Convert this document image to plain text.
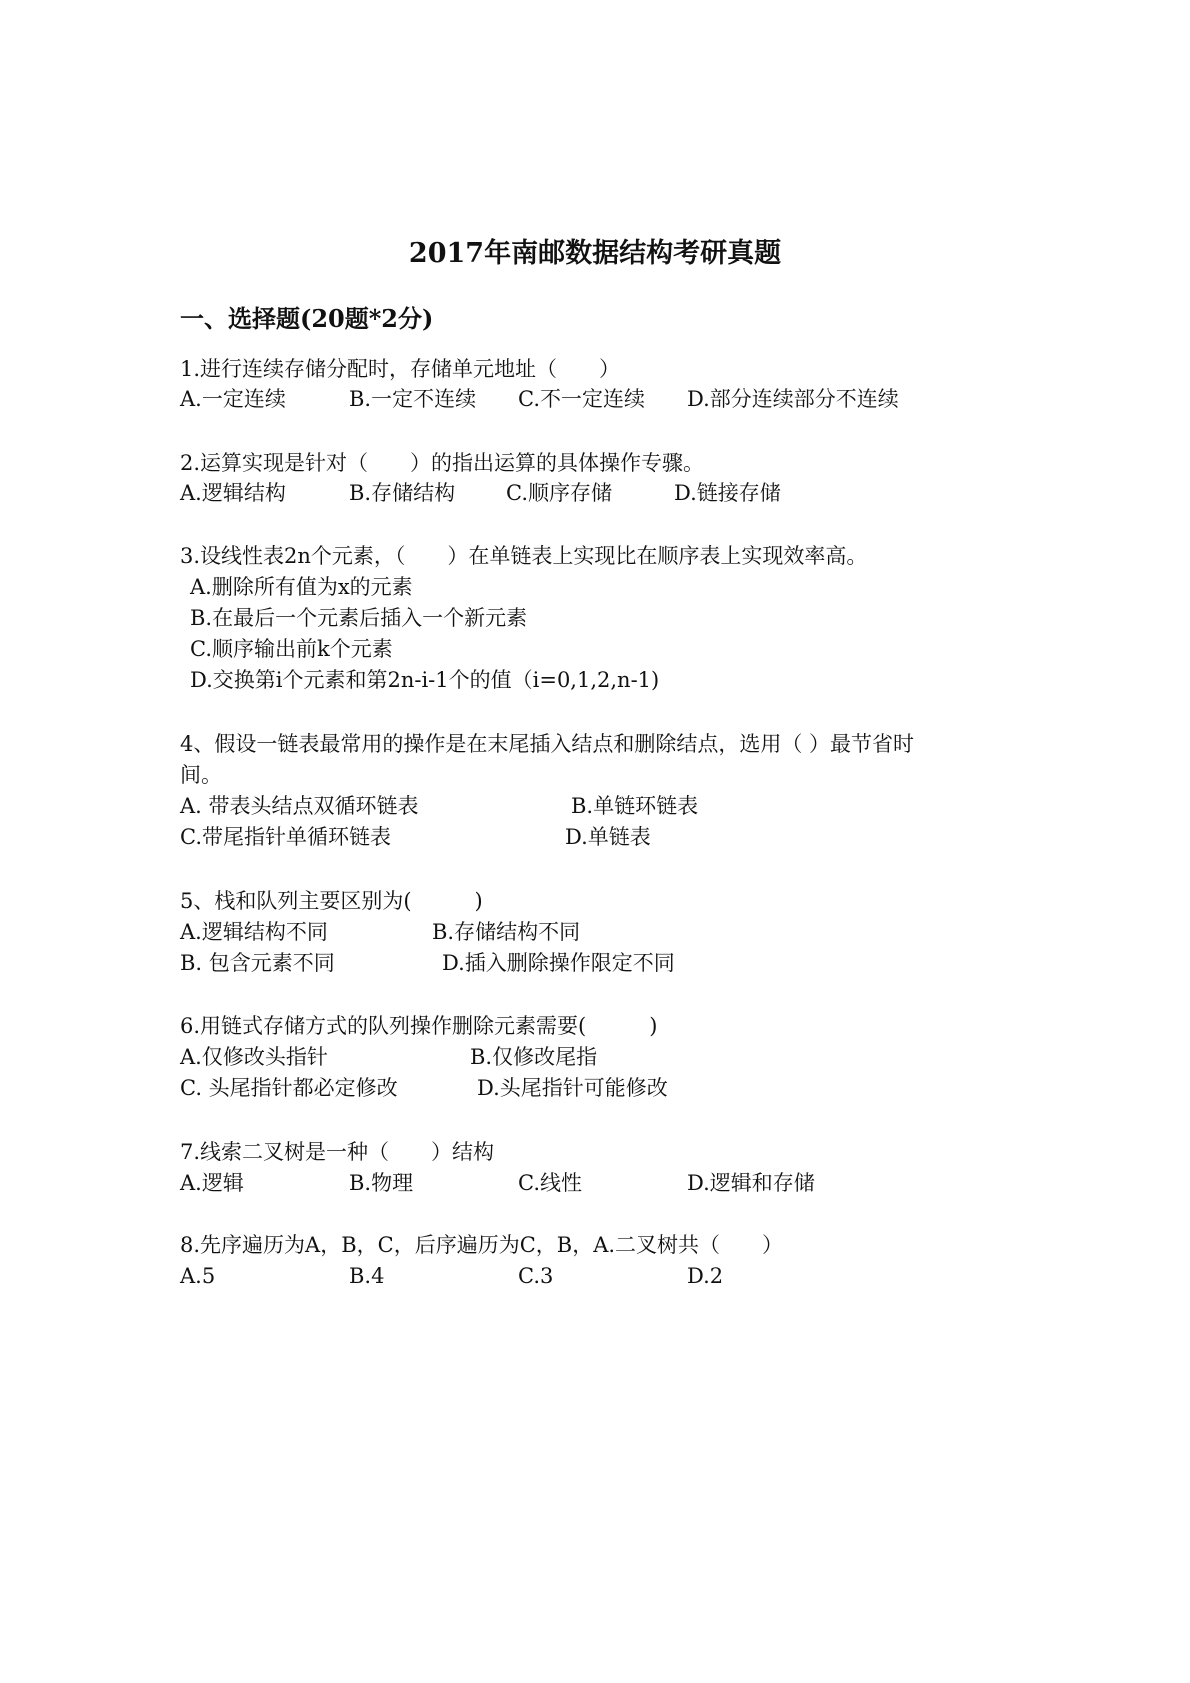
2017年南邮数据结构考研真题
一、选择题(20题*2分)
1.进行连续存储分配时，存储单元地址（　　）
A.一定连续	B.一定不连续 C.不一定连续 D.部分连续部分不连续
2.运算实现是针对（　　）的指出运算的具体操作专骤。
A.逻辑结构	B.存储结构 C.顺序存储	D.链接存储
3.设线性表2n个元素，（　　）在单链表上实现比在顺序表上实现效率高。
A.删除所有值为x的元素
B.在最后一个元素后插入一个新元素
C.顺序输出前k个元素
D.交换第i个元素和第2n-i-1个的值（i=0,1,2,n-1)
4、假设一链表最常用的操作是在末尾插入结点和删除结点，选用（ ）最节省时
间。
A. 带表头结点双循环链表	B.单链环链表
C.带尾指针单循环链表	D.单链表
5、栈和队列主要区别为(　　　)
A.逻辑结构不同	B.存储结构不同
B. 包含元素不同	D.插入删除操作限定不同
6.用链式存储方式的队列操作删除元素需要(　　　)
A.仅修改头指针	B.仅修改尾指
C. 头尾指针都必定修改	D.头尾指针可能修改
7.线索二叉树是一种（　　）结构
A.逻辑	B.物理	C.线性	D.逻辑和存储
8.先序遍历为A，B，C，后序遍历为C，B，A.二叉树共（　　）
A.5	B.4	C.3	D.2
